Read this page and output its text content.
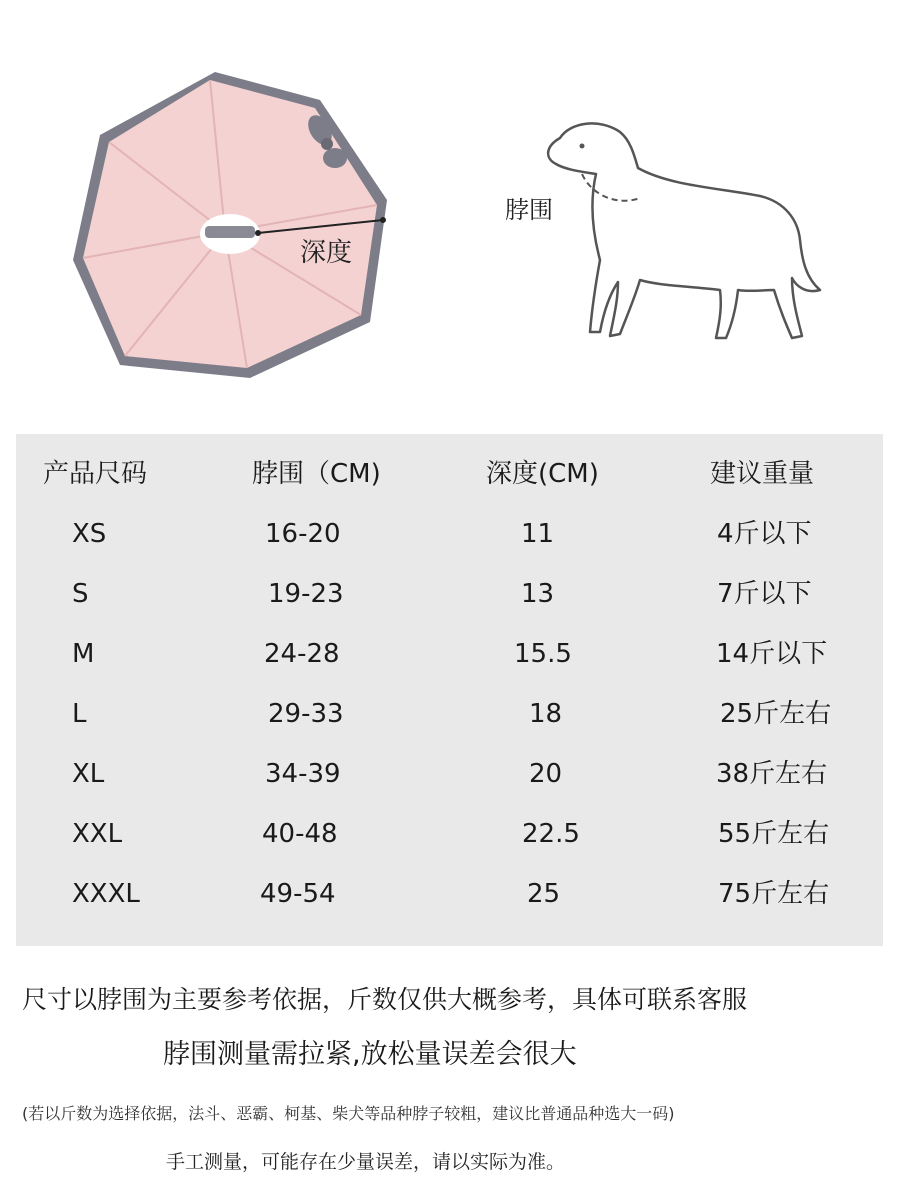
深度
脖围
产品尺码	脖围（CM)	深度(CM)	建议重量
XS	16-20	11	4斤以下
S	19-23	13	7斤以下
M	24-28	15.5	14斤以下
L	29-33	18	25斤左右
XL	34-39	20	38斤左右
XXL	40-48	22.5	55斤左右
XXXL	49-54	25	75斤左右
尺寸以脖围为主要参考依据，斤数仅供大概参考，具体可联系客服
脖围测量需拉紧,放松量误差会很大
(若以斤数为选择依据，法斗、恶霸、柯基、柴犬等品种脖子较粗，建议比普通品种选大一码)
手工测量，可能存在少量误差，请以实际为准。
